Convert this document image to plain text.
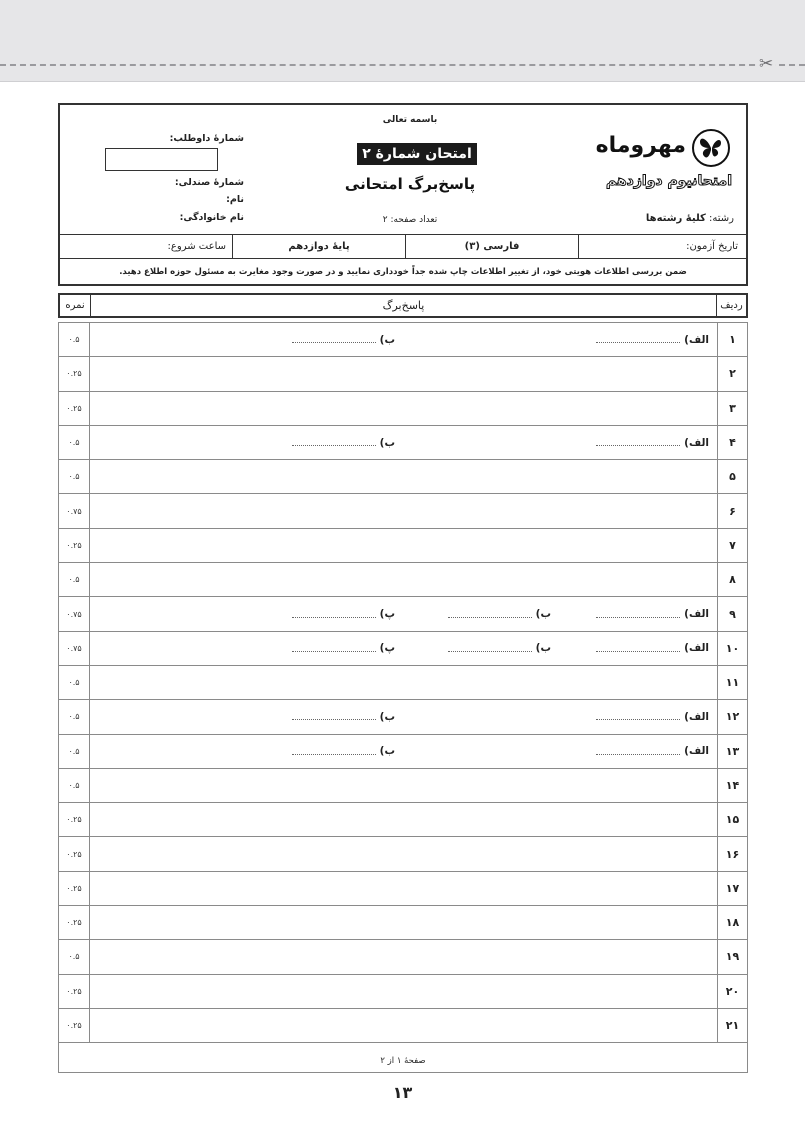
✂
مهروماه
امتحانیوم دوازدهم
رشته: کلیهٔ رشته‌ها
باسمه تعالی
امتحان شمارهٔ ۲
پاسخ‌برگ امتحانی
تعداد صفحه: ۲
شمارهٔ داوطلب:
شمارهٔ صندلی:
نام:
نام خانوادگی:
تاریخ آزمون:
فارسی (۳)
پایهٔ دوازدهم
ساعت شروع:
ضمن بررسی اطلاعات هویتی خود، از تغییر اطلاعات چاپ شده جداً خودداری نمایید و در صورت وجود مغایرت به مسئول حوزه اطلاع دهید.
ردیف
پاسخ‌برگ
نمره
۱
الف)
ب)
۰.۵
۲
۰.۲۵
۳
۰.۲۵
۴
الف)
ب)
۰.۵
۵
۰.۵
۶
۰.۷۵
۷
۰.۲۵
۸
۰.۵
۹
الف)
ب)
پ)
۰.۷۵
۱۰
الف)
ب)
پ)
۰.۷۵
۱۱
۰.۵
۱۲
الف)
ب)
۰.۵
۱۳
الف)
ب)
۰.۵
۱۴
۰.۵
۱۵
۰.۲۵
۱۶
۰.۲۵
۱۷
۰.۲۵
۱۸
۰.۲۵
۱۹
۰.۵
۲۰
۰.۲۵
۲۱
۰.۲۵
صفحهٔ ۱ از ۲
۱۳
